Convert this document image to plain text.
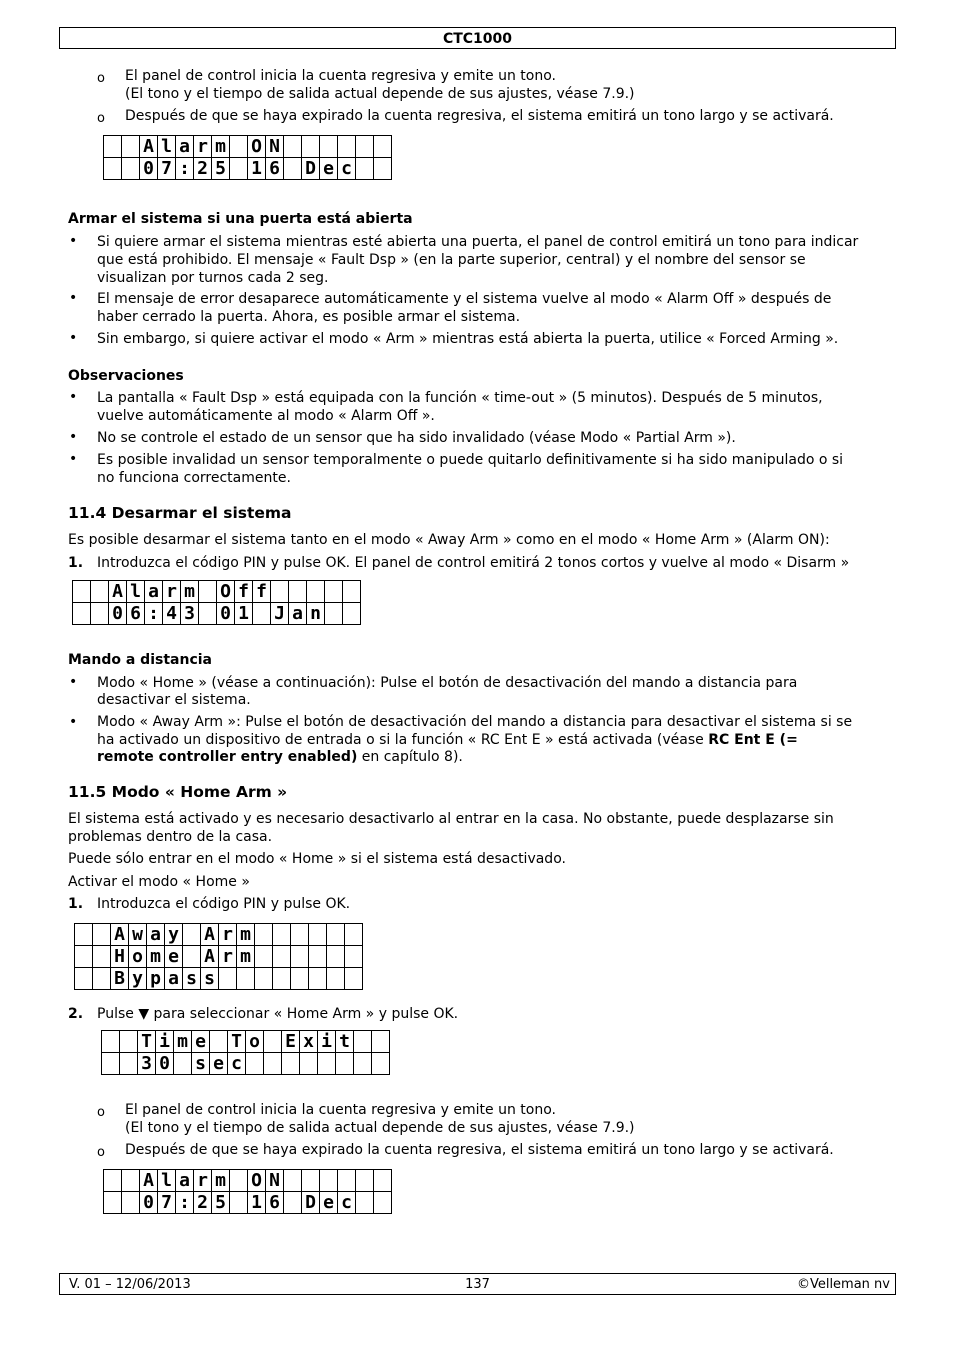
CTC1000
o El panel de control inicia la cuenta regresiva y emite un tono.
(El tono y el tiempo de salida actual depende de sus ajustes, véase 7.9.)
o Después de que se haya expirado la cuenta regresiva, el sistema emitirá un tono largo y se activará.
		A	l	a	r	m		O	N						
		0	7	:	2	5		1	6		D	e	c		
Armar el sistema si una puerta está abierta
• Si quiere armar el sistema mientras esté abierta una puerta, el panel de control emitirá un tono para indicar
que está prohibido. El mensaje « Fault Dsp » (en la parte superior, central) y el nombre del sensor se
visualizan por turnos cada 2 seg.
• El mensaje de error desaparece automáticamente y el sistema vuelve al modo « Alarm Off » después de
haber cerrado la puerta. Ahora, es posible armar el sistema.
• Sin embargo, si quiere activar el modo « Arm » mientras está abierta la puerta, utilice « Forced Arming ».
Observaciones
• La pantalla « Fault Dsp » está equipada con la función « time-out » (5 minutos). Después de 5 minutos,
vuelve automáticamente al modo « Alarm Off ».
• No se controle el estado de un sensor que ha sido invalidado (véase Modo « Partial Arm »).
• Es posible invalidad un sensor temporalmente o puede quitarlo definitivamente si ha sido manipulado o si
no funciona correctamente.
11.4 Desarmar el sistema
Es posible desarmar el sistema tanto en el modo « Away Arm » como en el modo « Home Arm » (Alarm ON):
1. Introduzca el código PIN y pulse OK. El panel de control emitirá 2 tonos cortos y vuelve al modo « Disarm »
		A	l	a	r	m		O	f	f					
		0	6	:	4	3		0	1		J	a	n		
Mando a distancia
• Modo « Home » (véase a continuación): Pulse el botón de desactivación del mando a distancia para
desactivar el sistema.
• Modo « Away Arm »: Pulse el botón de desactivación del mando a distancia para desactivar el sistema si se
ha activado un dispositivo de entrada o si la función « RC Ent E » está activada (véase RC Ent E (=
remote controller entry enabled) en capítulo 8).
11.5 Modo « Home Arm »
El sistema está activado y es necesario desactivarlo al entrar en la casa. No obstante, puede desplazarse sin
problemas dentro de la casa.
Puede sólo entrar en el modo « Home » si el sistema está desactivado.
Activar el modo « Home »
1. Introduzca el código PIN y pulse OK.
		A	w	a	y		A	r	m						
		H	o	m	e		A	r	m						
		B	y	p	a	s	s								
2. Pulse ▼ para seleccionar « Home Arm » y pulse OK.
		T	i	m	e		T	o		E	x	i	t		
		3	0		s	e	c								
o El panel de control inicia la cuenta regresiva y emite un tono.
(El tono y el tiempo de salida actual depende de sus ajustes, véase 7.9.)
o Después de que se haya expirado la cuenta regresiva, el sistema emitirá un tono largo y se activará.
		A	l	a	r	m		O	N						
		0	7	:	2	5		1	6		D	e	c		
V. 01 – 12/06/2013	137	©Velleman nv
